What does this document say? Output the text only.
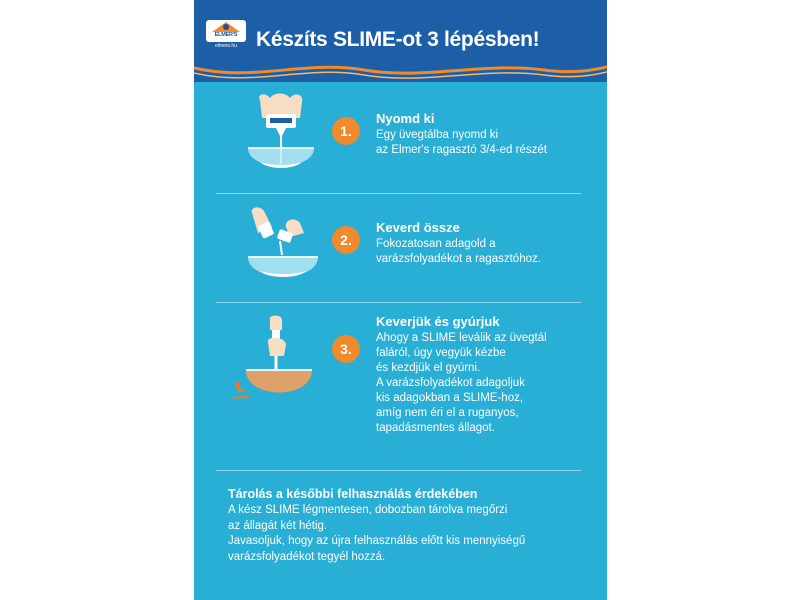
ELMER'S
elmers.hu Készíts SLIME-ot 3 lépésben!
1.
Nyomd ki
Egy üvegtálba nyomd ki
az Elmer's ragasztó 3/4-ed részét
2.
Keverd össze
Fokozatosan adagold a
varázsfolyadékot a ragasztóhoz.
3.
Keverjük és gyúrjuk
Ahogy a SLIME leválik az üvegtál
faláról, úgy vegyük kézbe
és kezdjük el gyúrni.
A varázsfolyadékot adagoljuk
kis adagokban a SLIME-hoz,
amíg nem éri el a ruganyos,
tapadásmentes állagot.
Tárolás a későbbi felhasználás érdekében
A kész SLIME légmentesen, dobozban tárolva megőrzi
az állagát két hétig.
Javasoljuk, hogy az újra felhasználás előtt kis mennyiségű
varázsfolyadékot tegyél hozzá.
